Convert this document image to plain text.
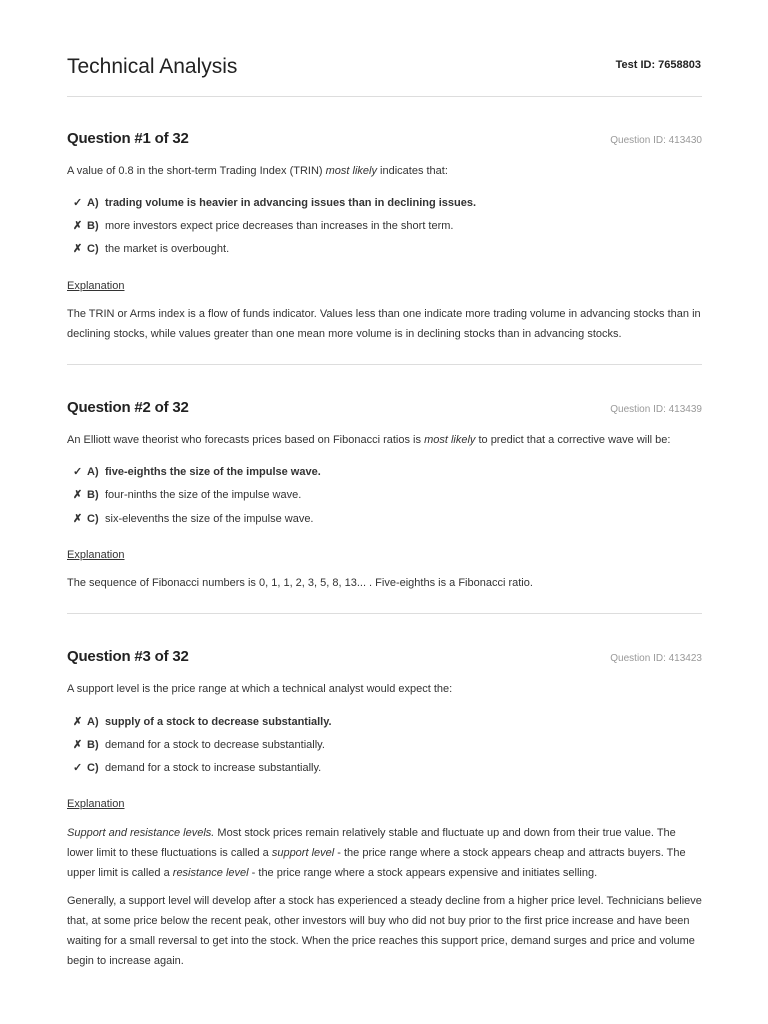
Technical Analysis	Test ID: 7658803
Question #1 of 32	Question ID: 413430
A value of 0.8 in the short-term Trading Index (TRIN) most likely indicates that:
✓ A) trading volume is heavier in advancing issues than in declining issues.
✗ B) more investors expect price decreases than increases in the short term.
✗ C) the market is overbought.
Explanation
The TRIN or Arms index is a flow of funds indicator. Values less than one indicate more trading volume in advancing stocks than in declining stocks, while values greater than one mean more volume is in declining stocks than in advancing stocks.
Question #2 of 32	Question ID: 413439
An Elliott wave theorist who forecasts prices based on Fibonacci ratios is most likely to predict that a corrective wave will be:
✓ A) five-eighths the size of the impulse wave.
✗ B) four-ninths the size of the impulse wave.
✗ C) six-elevenths the size of the impulse wave.
Explanation
The sequence of Fibonacci numbers is 0, 1, 1, 2, 3, 5, 8, 13... . Five-eighths is a Fibonacci ratio.
Question #3 of 32	Question ID: 413423
A support level is the price range at which a technical analyst would expect the:
✗ A) supply of a stock to decrease substantially.
✗ B) demand for a stock to decrease substantially.
✓ C) demand for a stock to increase substantially.
Explanation
Support and resistance levels. Most stock prices remain relatively stable and fluctuate up and down from their true value. The lower limit to these fluctuations is called a support level - the price range where a stock appears cheap and attracts buyers. The upper limit is called a resistance level - the price range where a stock appears expensive and initiates selling.
Generally, a support level will develop after a stock has experienced a steady decline from a higher price level. Technicians believe that, at some price below the recent peak, other investors will buy who did not buy prior to the first price increase and have been waiting for a small reversal to get into the stock. When the price reaches this support price, demand surges and price and volume begin to increase again.
